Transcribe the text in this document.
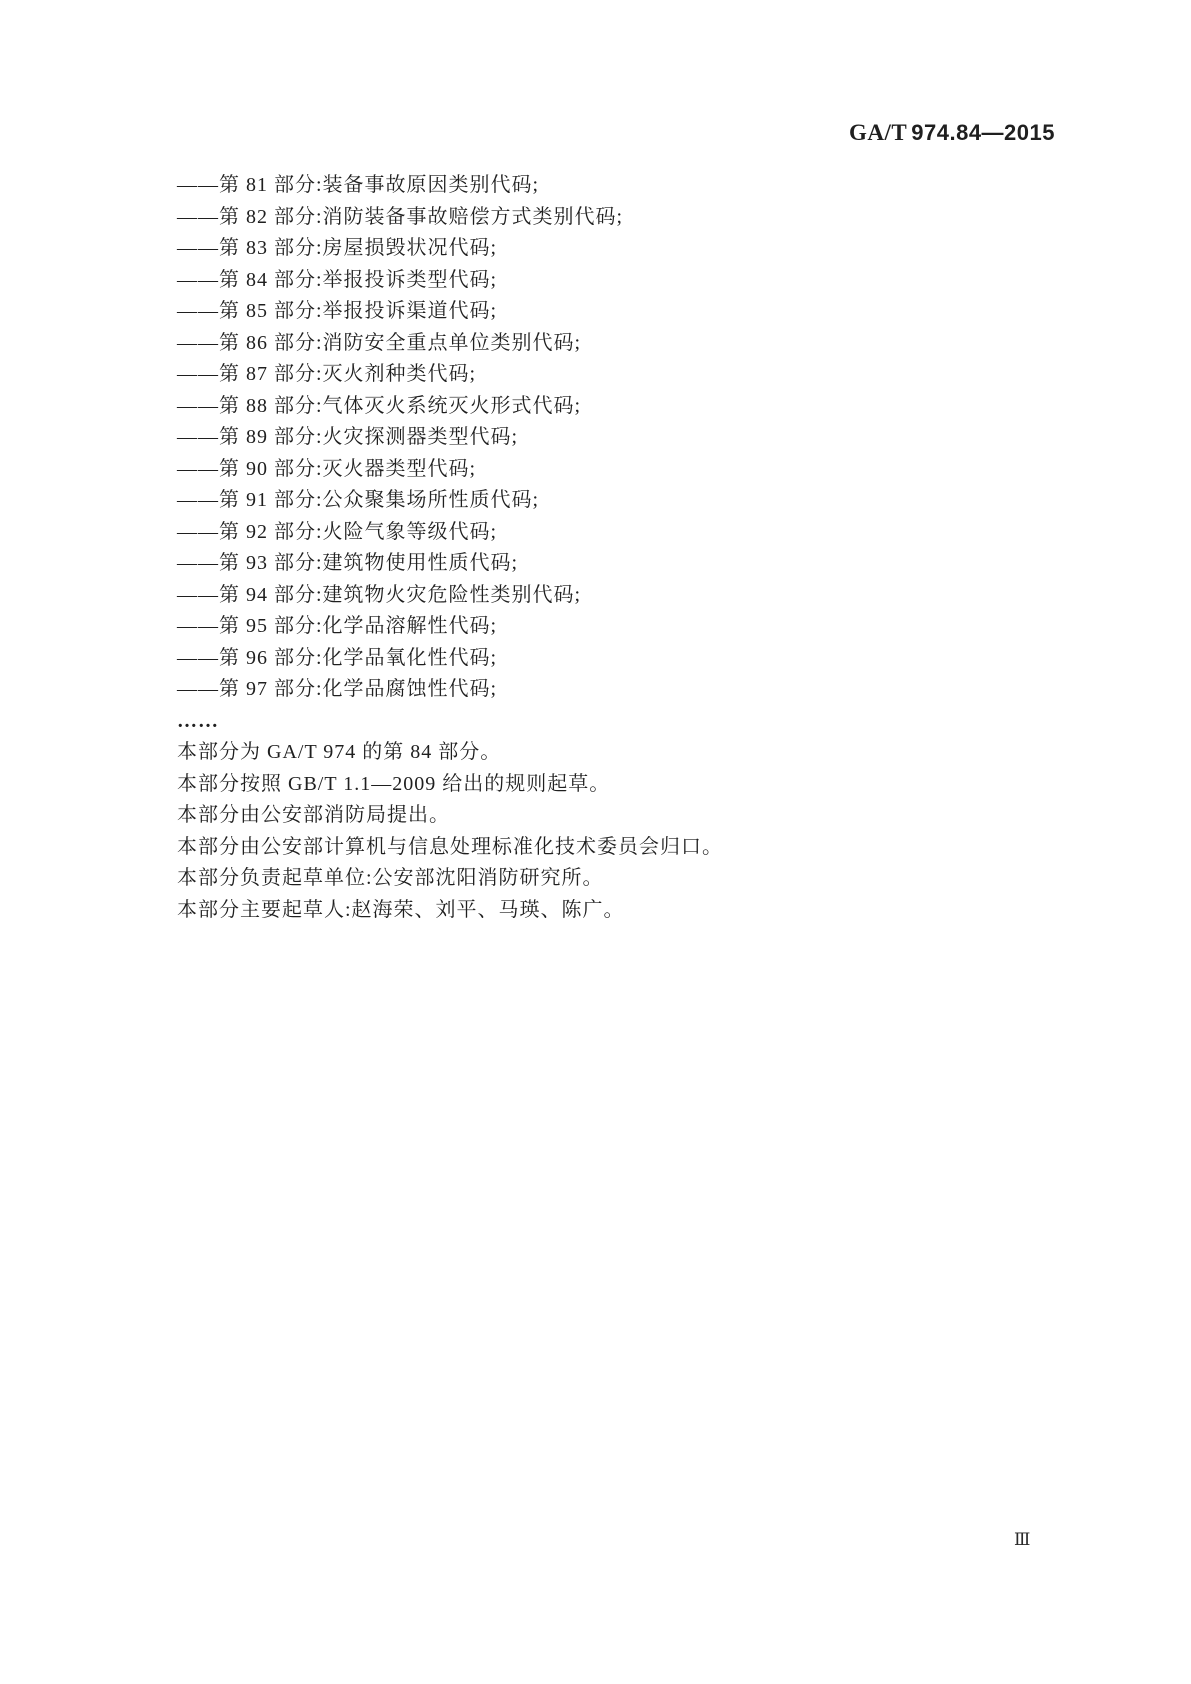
GA/T 974.84—2015
——第 81 部分:装备事故原因类别代码;
——第 82 部分:消防装备事故赔偿方式类别代码;
——第 83 部分:房屋损毁状况代码;
——第 84 部分:举报投诉类型代码;
——第 85 部分:举报投诉渠道代码;
——第 86 部分:消防安全重点单位类别代码;
——第 87 部分:灭火剂种类代码;
——第 88 部分:气体灭火系统灭火形式代码;
——第 89 部分:火灾探测器类型代码;
——第 90 部分:灭火器类型代码;
——第 91 部分:公众聚集场所性质代码;
——第 92 部分:火险气象等级代码;
——第 93 部分:建筑物使用性质代码;
——第 94 部分:建筑物火灾危险性类别代码;
——第 95 部分:化学品溶解性代码;
——第 96 部分:化学品氧化性代码;
——第 97 部分:化学品腐蚀性代码;
……
本部分为 GA/T 974 的第 84 部分。
本部分按照 GB/T 1.1—2009 给出的规则起草。
本部分由公安部消防局提出。
本部分由公安部计算机与信息处理标准化技术委员会归口。
本部分负责起草单位:公安部沈阳消防研究所。
本部分主要起草人:赵海荣、刘平、马瑛、陈广。
Ⅲ
